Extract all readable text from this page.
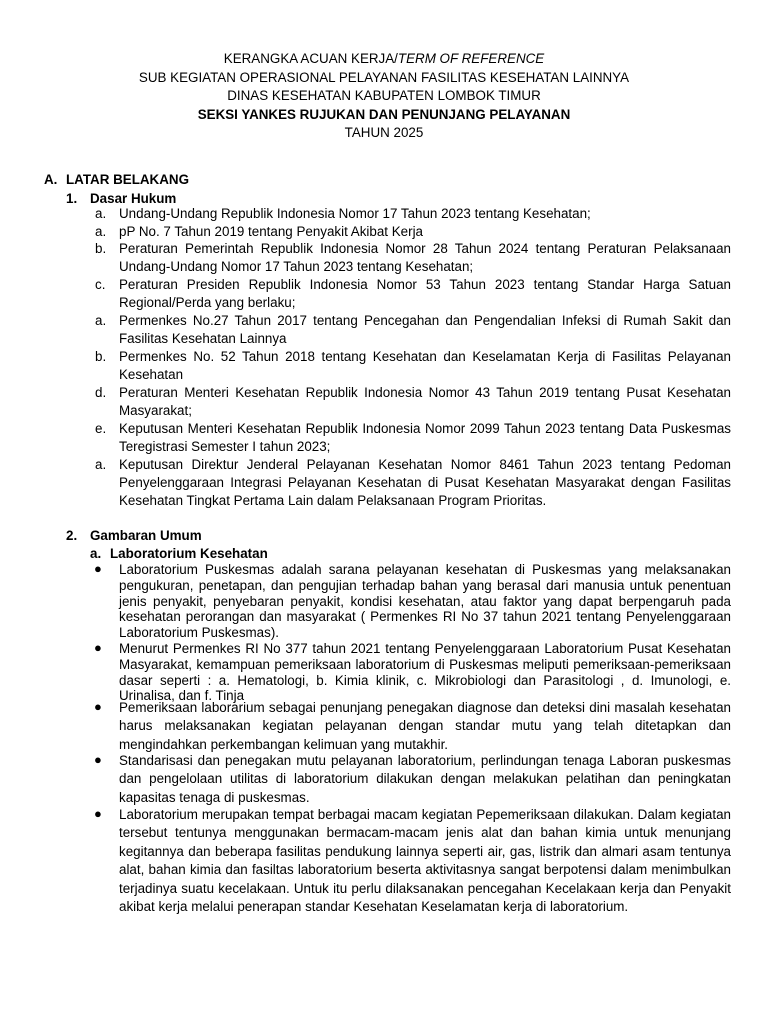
KERANGKA ACUAN KERJA/TERM OF REFERENCE
SUB KEGIATAN OPERASIONAL PELAYANAN FASILITAS KESEHATAN LAINNYA
DINAS KESEHATAN KABUPATEN LOMBOK TIMUR
SEKSI YANKES RUJUKAN DAN PENUNJANG PELAYANAN
TAHUN 2025
A. LATAR BELAKANG
1. Dasar Hukum
a. Undang-Undang Republik Indonesia Nomor 17 Tahun 2023 tentang Kesehatan;
a. pP No. 7 Tahun 2019 tentang Penyakit Akibat Kerja
b. Peraturan Pemerintah Republik Indonesia Nomor 28 Tahun 2024 tentang Peraturan Pelaksanaan Undang-Undang Nomor 17 Tahun 2023 tentang Kesehatan;
c. Peraturan Presiden Republik Indonesia Nomor 53 Tahun 2023 tentang Standar Harga Satuan Regional/Perda yang berlaku;
a. Permenkes No.27 Tahun 2017 tentang Pencegahan dan Pengendalian Infeksi di Rumah Sakit dan Fasilitas Kesehatan Lainnya
b. Permenkes No. 52 Tahun 2018 tentang Kesehatan dan Keselamatan Kerja di Fasilitas Pelayanan Kesehatan
d. Peraturan Menteri Kesehatan Republik Indonesia Nomor 43 Tahun 2019 tentang Pusat Kesehatan Masyarakat;
e. Keputusan Menteri Kesehatan Republik Indonesia Nomor 2099 Tahun 2023 tentang Data Puskesmas Teregistrasi Semester I tahun 2023;
a. Keputusan Direktur Jenderal Pelayanan Kesehatan Nomor 8461 Tahun 2023 tentang Pedoman Penyelenggaraan Integrasi Pelayanan Kesehatan di Pusat Kesehatan Masyarakat dengan Fasilitas Kesehatan Tingkat Pertama Lain dalam Pelaksanaan Program Prioritas.
2. Gambaran Umum
a. Laboratorium Kesehatan
● Laboratorium Puskesmas adalah sarana pelayanan kesehatan di Puskesmas yang melaksanakan pengukuran, penetapan, dan pengujian terhadap bahan yang berasal dari manusia untuk penentuan jenis penyakit, penyebaran penyakit, kondisi kesehatan, atau faktor yang dapat berpengaruh pada kesehatan perorangan dan masyarakat ( Permenkes RI No 37 tahun 2021 tentang Penyelenggaraan Laboratorium Puskesmas).
● Menurut Permenkes RI No 377 tahun 2021 tentang Penyelenggaraan Laboratorium Pusat Kesehatan Masyarakat, kemampuan pemeriksaan laboratorium di Puskesmas meliputi pemeriksaan-pemeriksaan dasar seperti : a. Hematologi, b. Kimia klinik, c. Mikrobiologi dan Parasitologi , d. Imunologi, e. Urinalisa, dan f. Tinja
● Pemeriksaan laborarium sebagai penunjang penegakan diagnose dan deteksi dini masalah kesehatan harus melaksanakan kegiatan pelayanan dengan standar mutu yang telah ditetapkan dan mengindahkan perkembangan kelimuan yang mutakhir.
● Standarisasi dan penegakan mutu pelayanan laboratorium, perlindungan tenaga Laboran puskesmas dan pengelolaan utilitas di laboratorium dilakukan dengan melakukan pelatihan dan peningkatan kapasitas tenaga di puskesmas.
● Laboratorium merupakan tempat berbagai macam kegiatan Pepemeriksaan dilakukan. Dalam kegiatan tersebut tentunya menggunakan bermacam-macam jenis alat dan bahan kimia untuk menunjang kegitannya dan beberapa fasilitas pendukung lainnya seperti air, gas, listrik dan almari asam tentunya alat, bahan kimia dan fasiltas laboratorium beserta aktivitasnya sangat berpotensi dalam menimbulkan terjadinya suatu kecelakaan. Untuk itu perlu dilaksanakan pencegahan Kecelakaan kerja dan Penyakit akibat kerja melalui penerapan standar Kesehatan Keselamatan kerja di laboratorium.
